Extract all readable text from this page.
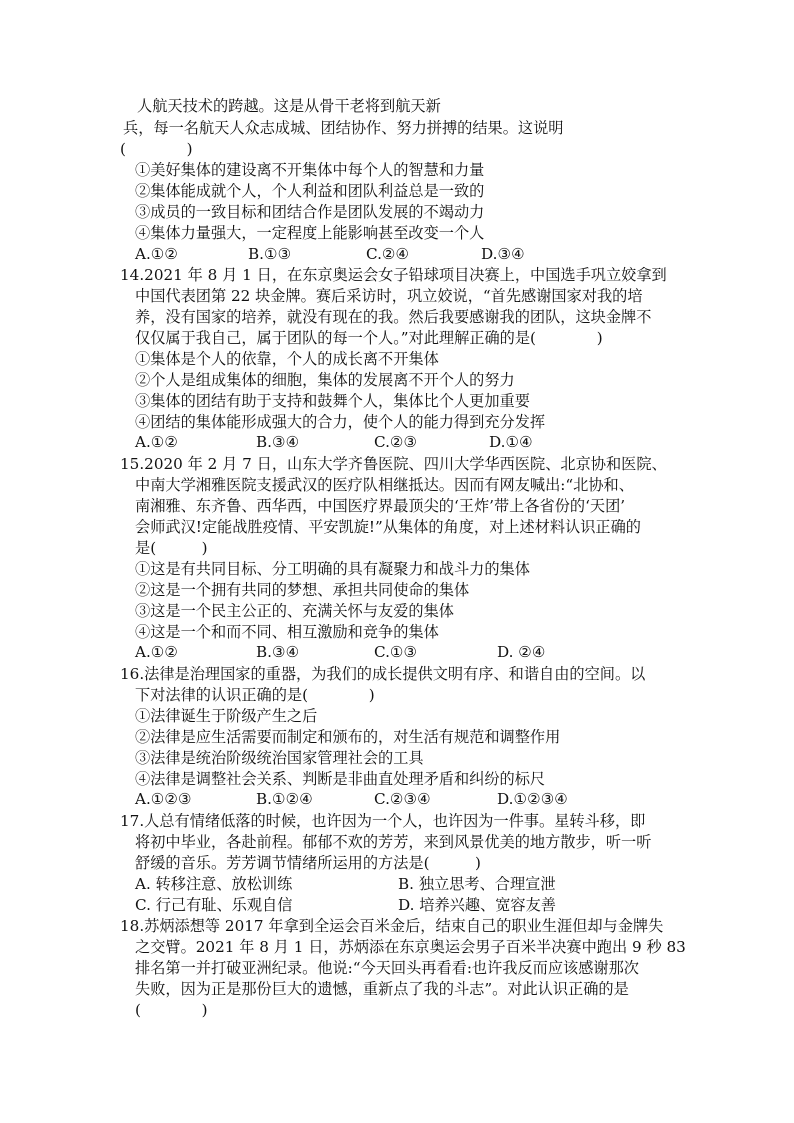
人航天技术的跨越。这是从骨干老将到航天新
兵，每一名航天人众志成城、团结协作、努力拼搏的结果。这说明
(　　　　)
①美好集体的建设离不开集体中每个人的智慧和力量
②集体能成就个人，个人利益和团队利益总是一致的
③成员的一致目标和团结合作是团队发展的不竭动力
④集体力量强大，一定程度上能影响甚至改变一个人
A.①②	B.①③	C.②④	D.③④
14.2021 年 8 月 1 日，在东京奥运会女子铅球项目决赛上，中国选手巩立姣拿到
中国代表团第 22 块金牌。赛后采访时，巩立姣说，“首先感谢国家对我的培
养，没有国家的培养，就没有现在的我。然后我要感谢我的团队，这块金牌不
仅仅属于我自己，属于团队的每一个人。”对此理解正确的是(　　　　)
①集体是个人的依靠，个人的成长离不开集体
②个人是组成集体的细胞，集体的发展离不开个人的努力
③集体的团结有助于支持和鼓舞个人，集体比个人更加重要
④团结的集体能形成强大的合力，使个人的能力得到充分发挥
A.①②	B.③④	C.②③	D.①④
15.2020 年 2 月 7 日，山东大学齐鲁医院、四川大学华西医院、北京协和医院、
中南大学湘雅医院支援武汉的医疗队相继抵达。因而有网友喊出:“北协和、
南湘雅、东齐鲁、西华西，中国医疗界最顶尖的‘王炸’带上各省份的‘天团’
会师武汉!定能战胜疫情、平安凯旋!”从集体的角度，对上述材料认识正确的
是(　　　)
①这是有共同目标、分工明确的具有凝聚力和战斗力的集体
②这是一个拥有共同的梦想、承担共同使命的集体
③这是一个民主公正的、充满关怀与友爱的集体
④这是一个和而不同、相互激励和竞争的集体
A.①②	B.③④	C.①③	D. ②④
16.法律是治理国家的重器，为我们的成长提供文明有序、和谐自由的空间。以
下对法律的认识正确的是(　　　　)
①法律诞生于阶级产生之后
②法律是应生活需要而制定和颁布的，对生活有规范和调整作用
③法律是统治阶级统治国家管理社会的工具
④法律是调整社会关系、判断是非曲直处理矛盾和纠纷的标尺
A.①②③	B.①②④	C.②③④	D.①②③④
17.人总有情绪低落的时候，也许因为一个人，也许因为一件事。星转斗移，即
将初中毕业，各赴前程。郁郁不欢的芳芳，来到风景优美的地方散步，听一听
舒缓的音乐。芳芳调节情绪所运用的方法是(　　　)
A. 转移注意、放松训练	B. 独立思考、合理宣泄
C. 行己有耻、乐观自信	D. 培养兴趣、宽容友善
18.苏炳添想等 2017 年拿到全运会百米金后，结束自己的职业生涯但却与金牌失
之交臂。2021 年 8 月 1 日，苏炳添在东京奥运会男子百米半决赛中跑出 9 秒 83
排名第一并打破亚洲纪录。他说:“今天回头再看看:也许我反而应该感谢那次
失败，因为正是那份巨大的遗憾，重新点了我的斗志”。对此认识正确的是
(　　　　)
